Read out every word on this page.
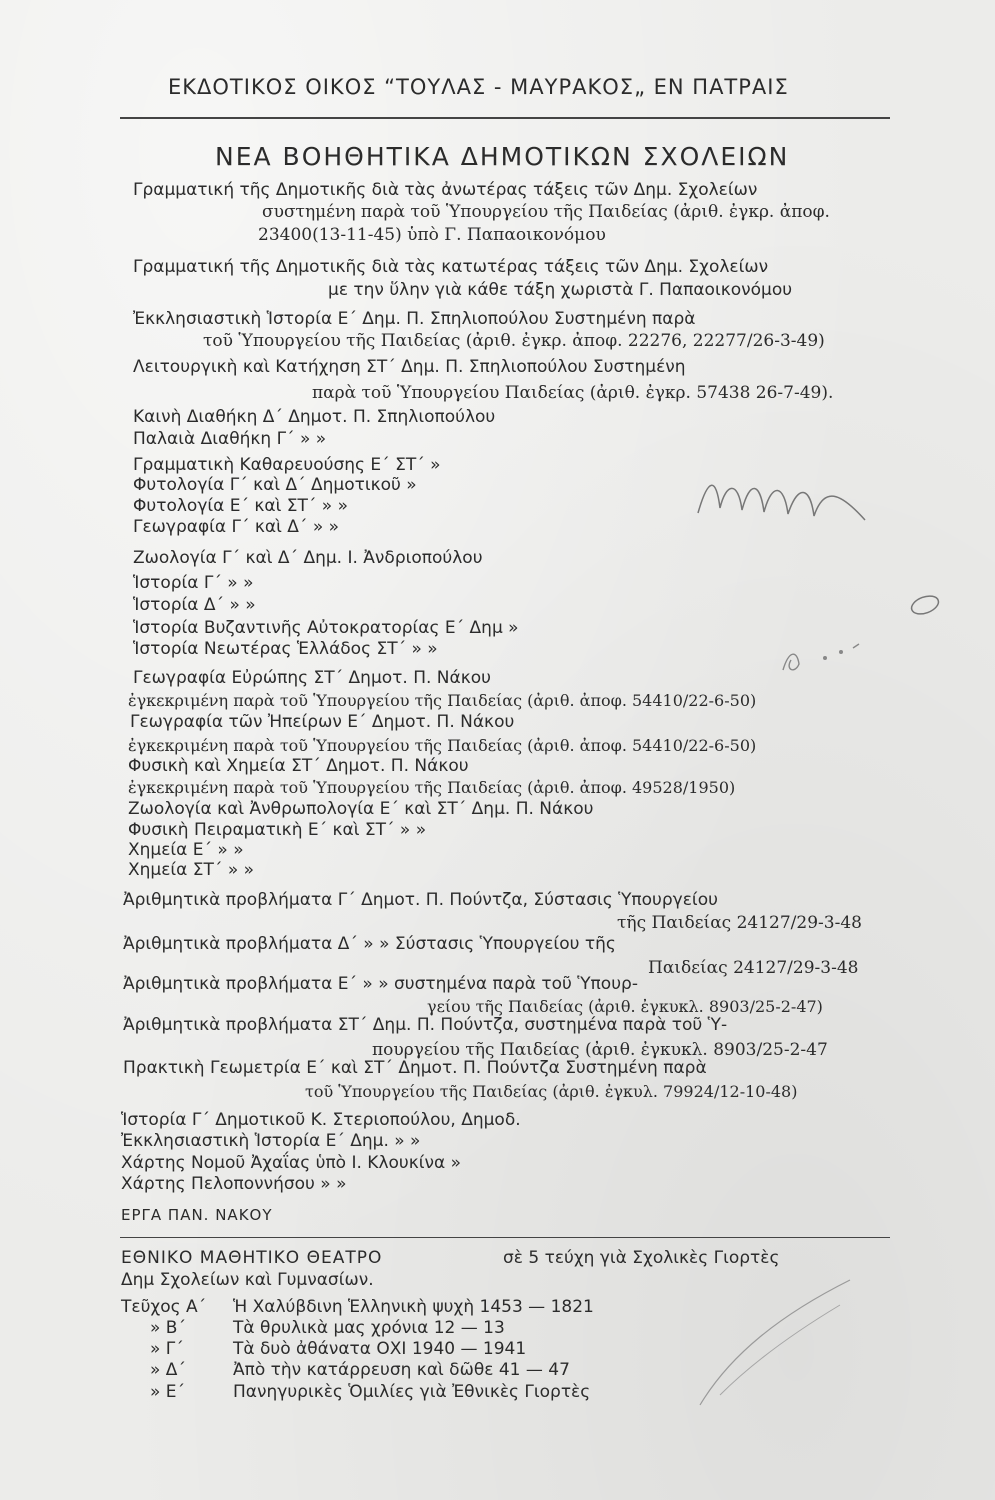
ΕΚΔΟΤΙΚΟΣ ΟΙΚΟΣ “ΤΟΥΛΑΣ - ΜΑΥΡΑΚΟΣ„ ΕΝ ΠΑΤΡΑΙΣ
ΝΕΑ ΒΟΗΘΗΤΙΚΑ ΔΗΜΟΤΙΚΩΝ ΣΧΟΛΕΙΩΝ
Γραμματική τῆς Δημοτικῆς διὰ τὰς ἀνωτέρας τάξεις τῶν Δημ. Σχολείων
συστημένη παρὰ τοῦ Ὑπουργείου τῆς Παιδείας (ἀριθ. ἐγκρ. ἀποφ.
23400(13-11-45) ὑπὸ Γ. Παπαοικονόμου
Γραμματική τῆς Δημοτικῆς διὰ τὰς κατωτέρας τάξεις τῶν Δημ. Σχολείων
με την ὕλην γιὰ κάθε τάξη χωριστὰ Γ. Παπαοικονόμου
Ἐκκλησιαστικὴ Ἱστορία Ε΄ Δημ. Π. Σπηλιοπούλου Συστημένη παρὰ
τοῦ Ὑπουργείου τῆς Παιδείας (ἀριθ. ἐγκρ. ἀποφ. 22276, 22277/26-3-49)
Λειτουργικὴ καὶ Κατήχηση ΣΤ΄ Δημ. Π. Σπηλιοπούλου Συστημένη
παρὰ τοῦ Ὑπουργείου Παιδείας (ἀριθ. ἐγκρ. 57438 26-7-49).
Καινὴ Διαθήκη Δ΄ Δημοτ. Π. Σπηλιοπούλου
Παλαιὰ Διαθήκη Γ΄ » »
Γραμματικὴ Καθαρευούσης Ε΄ ΣΤ΄ »
Φυτολογία Γ΄ καὶ Δ΄ Δημοτικοῦ »
Φυτολογία Ε΄ καὶ ΣΤ΄ » »
Γεωγραφία Γ΄ καὶ Δ΄ » »
Ζωολογία Γ΄ καὶ Δ΄ Δημ. Ι. Ἀνδριοπούλου
Ἱστορία Γ΄ » »
Ἱστορία Δ΄ » »
Ἱστορία Βυζαντινῆς Αὐτοκρατορίας Ε΄ Δημ »
Ἱστορία Νεωτέρας Ἑλλάδος ΣΤ΄ » »
Γεωγραφία Εὐρώπης ΣΤ΄ Δημοτ. Π. Νάκου
ἐγκεκριμένη παρὰ τοῦ Ὑπουργείου τῆς Παιδείας (ἀριθ. ἀποφ. 54410/22-6-50)
Γεωγραφία τῶν Ἠπείρων Ε΄ Δημοτ. Π. Νάκου
ἐγκεκριμένη παρὰ τοῦ Ὑπουργείου τῆς Παιδείας (ἀριθ. ἀποφ. 54410/22-6-50)
Φυσικὴ καὶ Χημεία ΣΤ΄ Δημοτ. Π. Νάκου
ἐγκεκριμένη παρὰ τοῦ Ὑπουργείου τῆς Παιδείας (ἀριθ. ἀποφ. 49528/1950)
Ζωολογία καὶ Ἀνθρωπολογία Ε΄ καὶ ΣΤ΄ Δημ. Π. Νάκου
Φυσικὴ Πειραματικὴ Ε΄ καὶ ΣΤ΄ » »
Χημεία Ε΄ » »
Χημεία ΣΤ΄ » »
Ἀριθμητικὰ προβλήματα Γ΄ Δημοτ. Π. Πούντζα, Σύστασις Ὑπουργείου
τῆς Παιδείας 24127/29-3-48
Ἀριθμητικὰ προβλήματα Δ΄ » » Σύστασις Ὑπουργείου τῆς
Παιδείας 24127/29-3-48
Ἀριθμητικὰ προβλήματα Ε΄ » » συστημένα παρὰ τοῦ Ὑπουρ-
γείου τῆς Παιδείας (ἀριθ. ἐγκυκλ. 8903/25-2-47)
Ἀριθμητικὰ προβλήματα ΣΤ΄ Δημ. Π. Πούντζα, συστημένα παρὰ τοῦ Ὑ-
πουργείου τῆς Παιδείας (ἀριθ. ἐγκυκλ. 8903/25-2-47
Πρακτικὴ Γεωμετρία Ε΄ καὶ ΣΤ΄ Δημοτ. Π. Πούντζα Συστημένη παρὰ
τοῦ Ὑπουργείου τῆς Παιδείας (ἀριθ. ἐγκυλ. 79924/12-10-48)
Ἱστορία Γ΄ Δημοτικοῦ Κ. Στεριοπούλου, Δημοδ.
Ἐκκλησιαστικὴ Ἱστορία Ε΄ Δημ. » »
Χάρτης Νομοῦ Ἀχαΐας ὑπὸ Ι. Κλουκίνα »
Χάρτης Πελοποννήσου » »
ΕΡΓΑ ΠΑΝ. ΝΑΚΟΥ
ΕΘΝΙΚΟ ΜΑΘΗΤΙΚΟ ΘΕΑΤΡΟ	σὲ 5 τεύχη γιὰ Σχολικὲς Γιορτὲς
Δημ Σχολείων καὶ Γυμνασίων.
Τεῦχος Α΄ Ἡ Χαλύβδινη Ἑλληνικὴ ψυχὴ 1453 — 1821
» Β΄	Τὰ θρυλικὰ μας χρόνια 12 — 13
» Γ΄	Τὰ δυὸ ἀθάνατα ΟΧΙ 1940 — 1941
» Δ΄	Ἀπὸ τὴν κατάρρευση καὶ δῶθε 41 — 47
» Ε΄	Πανηγυρικὲς Ὁμιλίες γιὰ Ἐθνικὲς Γιορτὲς
